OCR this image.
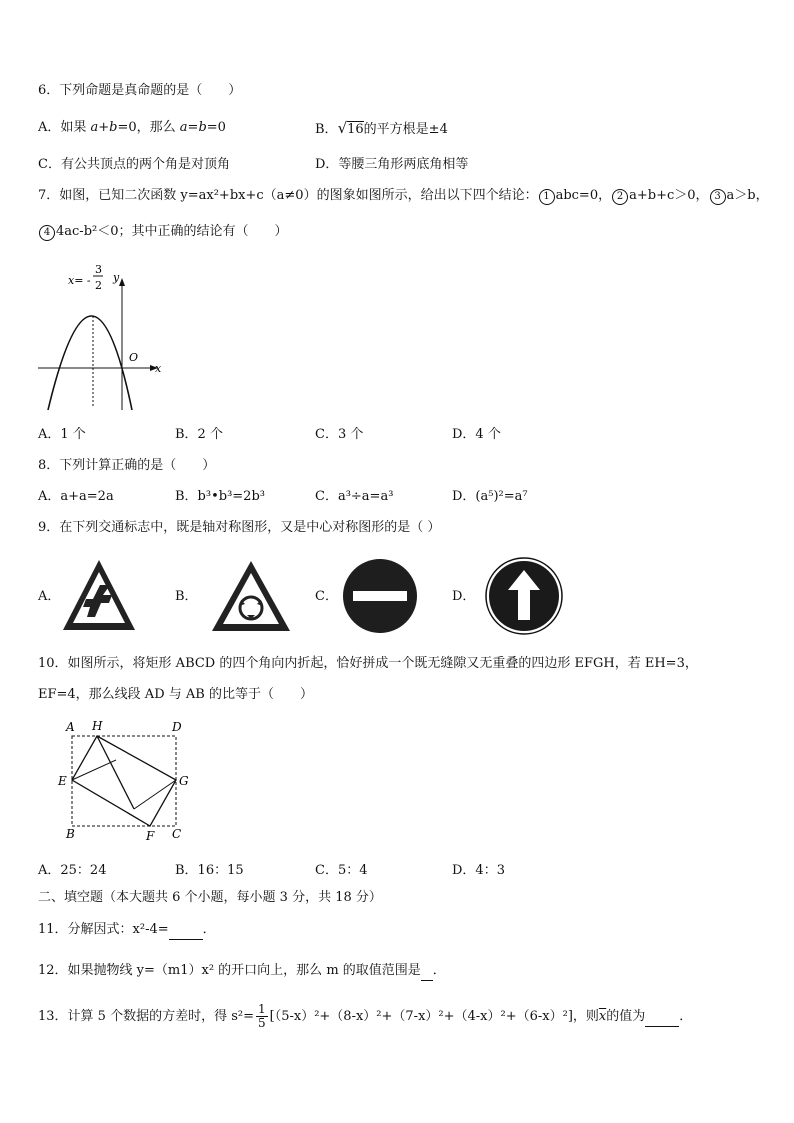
6．下列命题是真命题的是（　　）
A．如果 a+b=0，那么 a=b=0	B．√16的平方根是±4
C．有公共顶点的两个角是对顶角	D．等腰三角形两底角相等
7．如图，已知二次函数 y=ax²+bx+c（a≠0）的图象如图所示，给出以下四个结论： 1 abc=0， 2 a+b+c＞0， 3 a＞b，
4 4ac-b²＜0；其中正确的结论有（　　）
x= -
3
2
y
x
O
A．1 个	B．2 个	C．3 个	D．4 个
8．下列计算正确的是（　　）
A．a+a=2a	B．b³•b³=2b³	C．a³÷a=a³	D．(a⁵)²=a⁷
9．在下列交通标志中，既是轴对称图形，又是中心对称图形的是（ ）
A．	B．	C．	D．
10．如图所示，将矩形 ABCD 的四个角向内折起，恰好拼成一个既无缝隙又无重叠的四边形 EFGH，若 EH=3，
EF=4，那么线段 AD 与 AB 的比等于（　　）
A H	D
E	G
B	F C
A．25：24	B．16：15	C．5：4	D．4：3
二、填空题（本大题共 6 个小题，每小题 3 分，共 18 分）
11．分解因式：x²-4=	．
12．如果抛物线 y=（m1）x² 的开口向上，那么 m 的取值范围是 ．
13．计算 5 个数据的方差时，得 $s^2= \frac{1}{5} [(5-x)^2+(8-x)^2+(7-x)^2+(4-x)^2+(6-x)^2]$，则$\overline{x}$的值为	．
